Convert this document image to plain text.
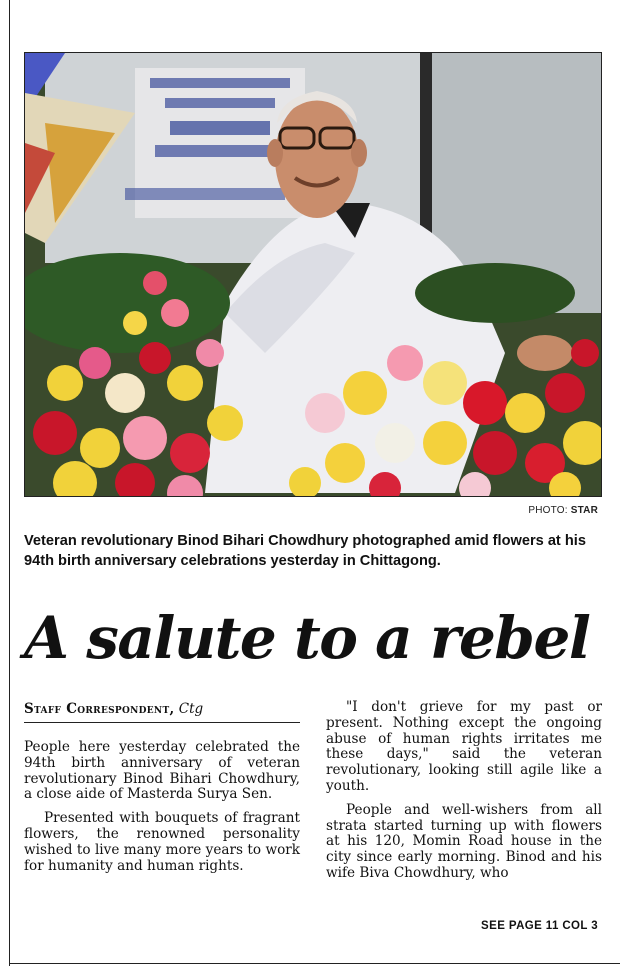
PHOTO: STAR
Veteran revolutionary Binod Bihari Chowdhury photographed amid flowers at his 94th birth anniversary celebrations yesterday in Chittagong.
A salute to a rebel
Staff Correspondent, Ctg

People here yesterday celebrated the 94th birth anniversary of veteran revolutionary Binod Bihari Chowdhury, a close aide of Masterda Surya Sen.

Presented with bouquets of fragrant flowers, the renowned personality wished to live many more years to work for humanity and human rights.

"I don't grieve for my past or present. Nothing except the ongoing abuse of human rights irritates me these days," said the veteran revolutionary, looking still agile like a youth.

People and well-wishers from all strata started turning up with flowers at his 120, Momin Road house in the city since early morning. Binod and his wife Biva Chowdhury, who

SEE PAGE 11 COL 3
